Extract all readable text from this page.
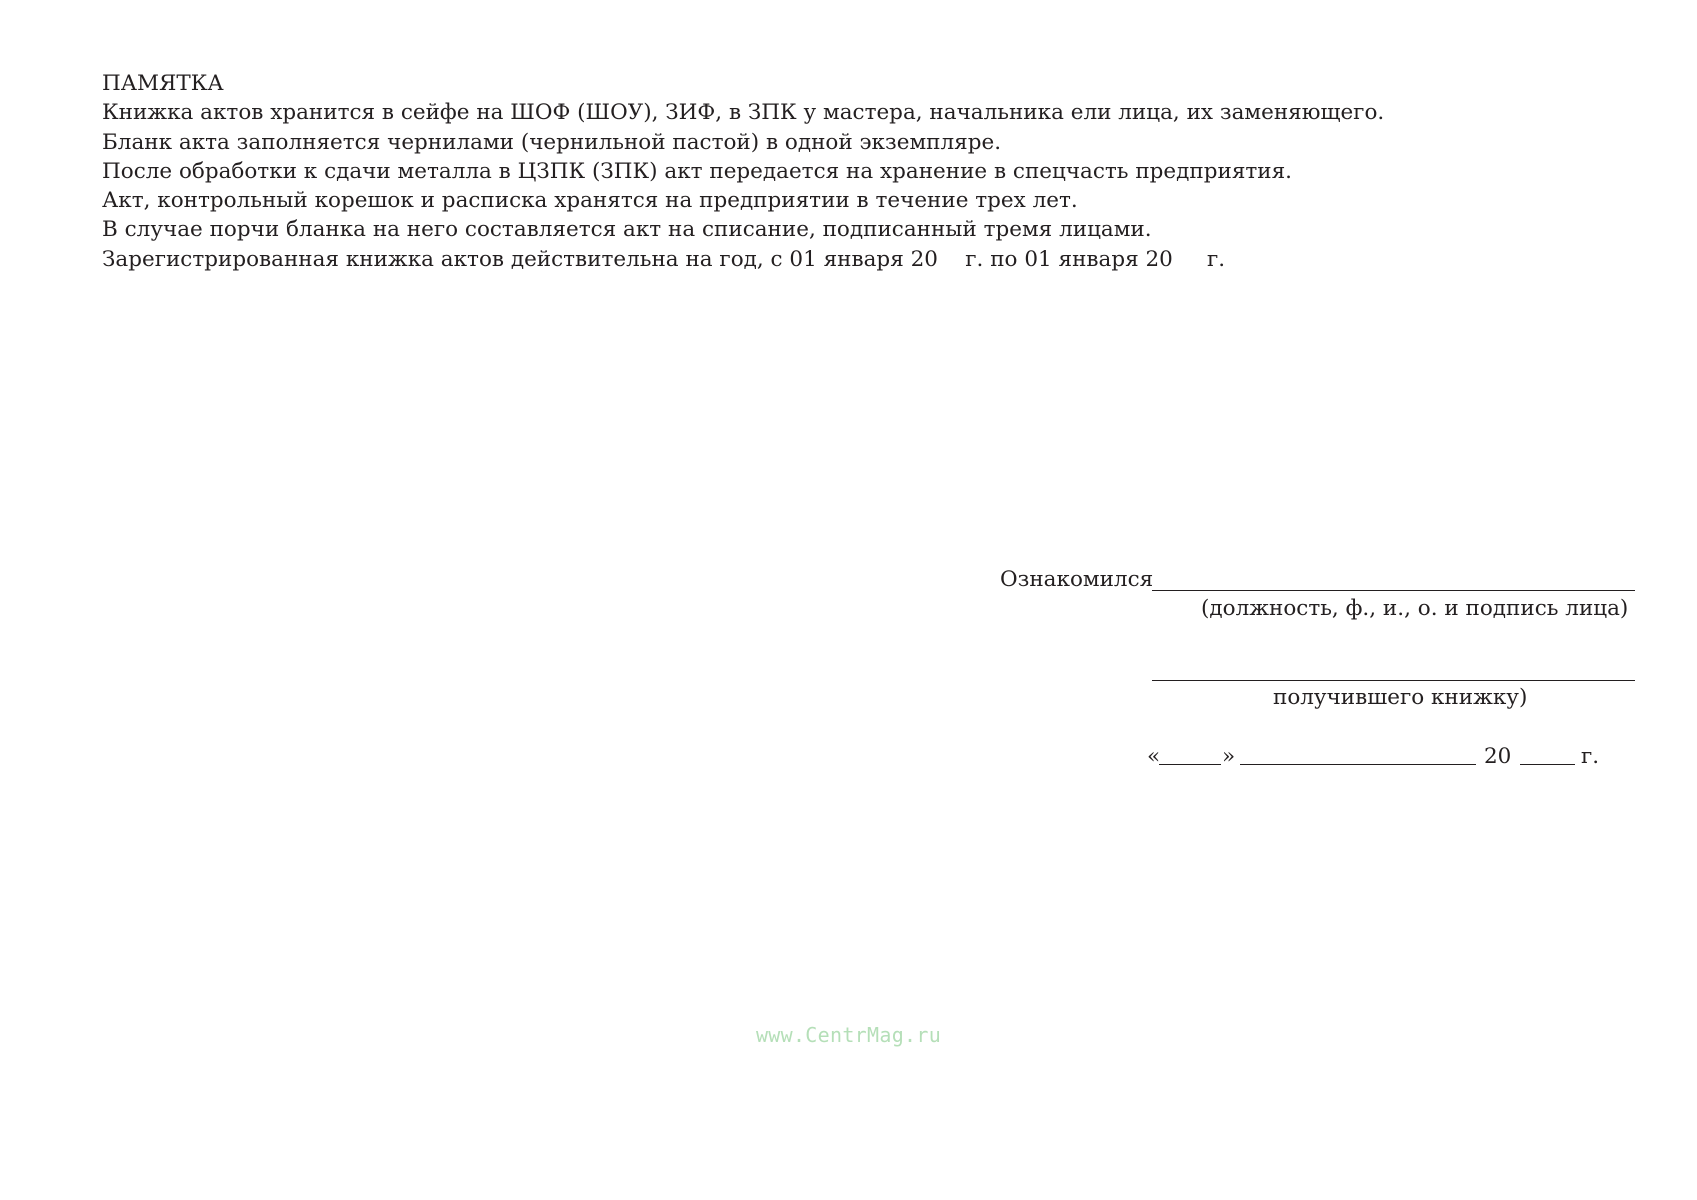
ПАМЯТКА
Книжка актов хранится в сейфе на ШОФ (ШОУ), ЗИФ, в ЗПК у мастера, начальника ели лица, их заменяющего.
Бланк акта заполняется чернилами (чернильной пастой) в одной экземпляре.
После обработки к сдачи металла в ЦЗПК (ЗПК) акт передается на хранение в спецчасть предприятия.
Акт, контрольный корешок и расписка хранятся на предприятии в течение трех лет.
В случае порчи бланка на него составляется акт на списание, подписанный тремя лицами.
Зарегистрированная книжка актов действительна на год, с 01 января 20    г. по 01 января 20     г.
Ознакомился
(должность, ф., и., о. и подпись лица)
получившего книжку)
«	»	20	г.
www.CentrMag.ru
